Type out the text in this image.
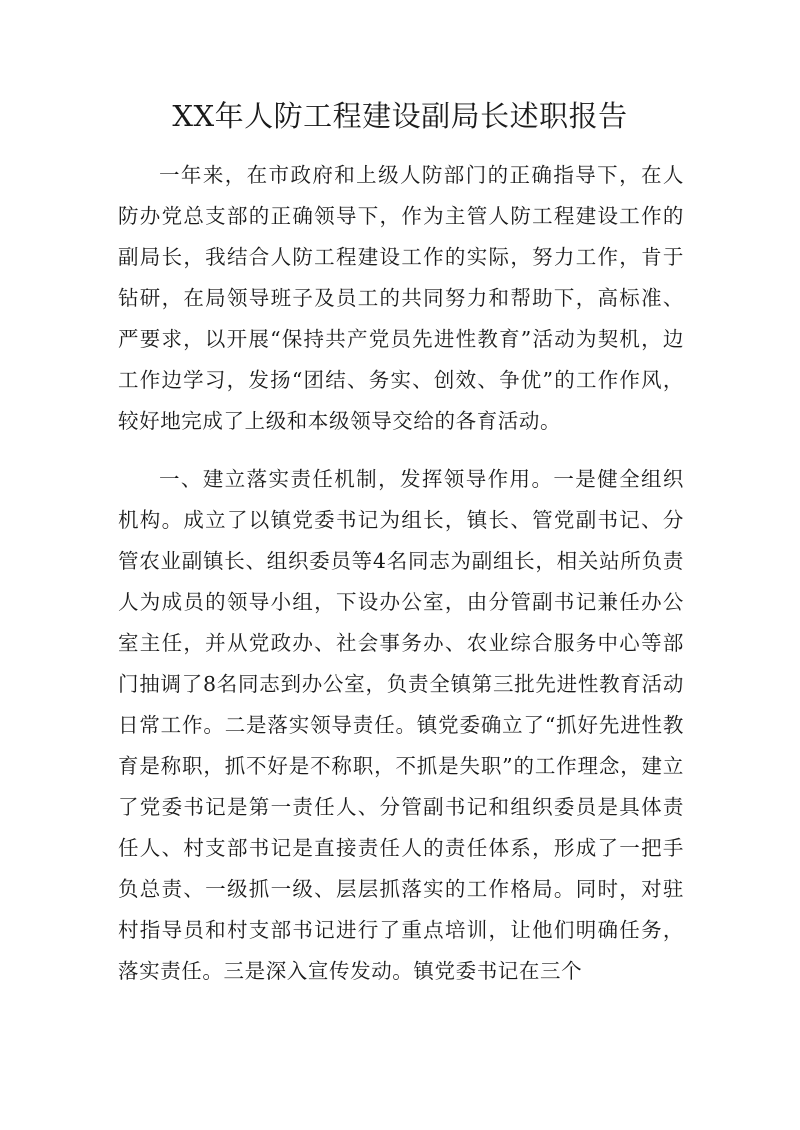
XX年人防工程建设副局长述职报告

一年来，在市政府和上级人防部门的正确指导下，在人防办党总支部的正确领导下，作为主管人防工程建设工作的副局长，我结合人防工程建设工作的实际，努力工作，肯于钻研，在局领导班子及员工的共同努力和帮助下，高标准、严要求，以开展“保持共产党员先进性教育”活动为契机，边工作边学习，发扬“团结、务实、创效、争优”的工作作风，较好地完成了上级和本级领导交给的各育活动。

一、建立落实责任机制，发挥领导作用。一是健全组织机构。成立了以镇党委书记为组长，镇长、管党副书记、分管农业副镇长、组织委员等4名同志为副组长，相关站所负责人为成员的领导小组，下设办公室，由分管副书记兼任办公室主任，并从党政办、社会事务办、农业综合服务中心等部门抽调了8名同志到办公室，负责全镇第三批先进性教育活动日常工作。二是落实领导责任。镇党委确立了“抓好先进性教育是称职，抓不好是不称职，不抓是失职”的工作理念，建立了党委书记是第一责任人、分管副书记和组织委员是具体责任人、村支部书记是直接责任人的责任体系，形成了一把手负总责、一级抓一级、层层抓落实的工作格局。同时，对驻村指导员和村支部书记进行了重点培训，让他们明确任务，落实责任。三是深入宣传发动。镇党委书记在三个
